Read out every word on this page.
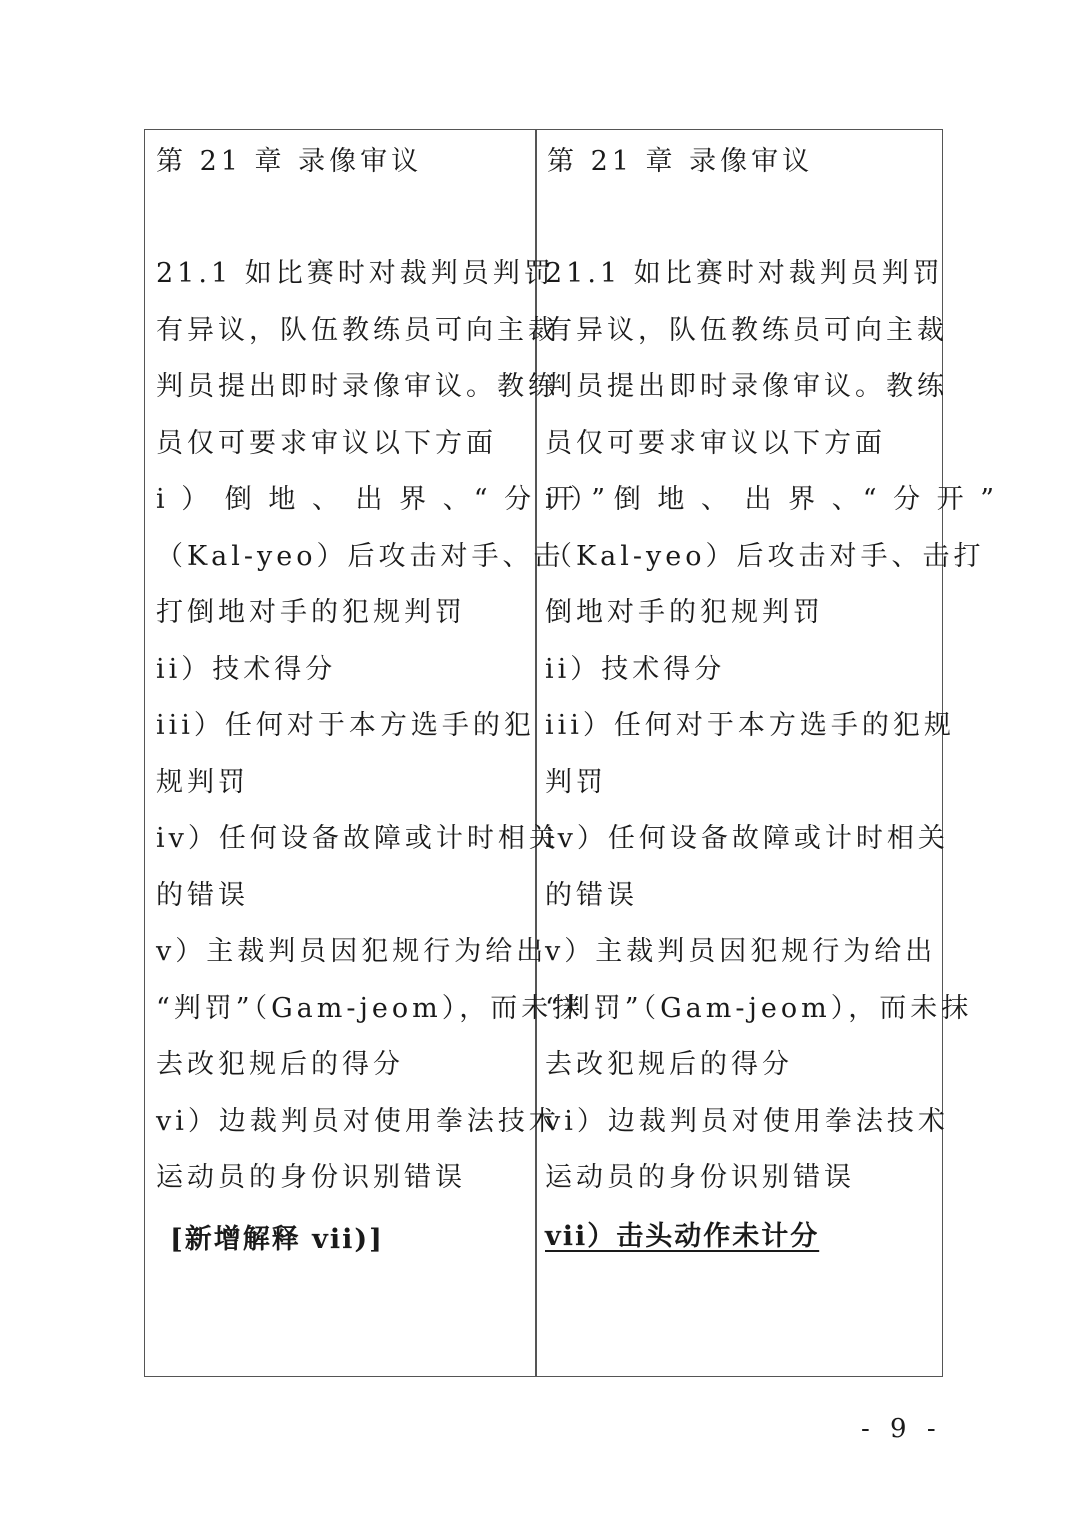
第 21 章 录像审议
21.1 如比赛时对裁判员判罚
有异议，队伍教练员可向主裁
判员提出即时录像审议。教练
员仅可要求审议以下方面
i ） 倒 地 、 出 界 、“ 分 开 ”
（Kal-yeo）后攻击对手、击
打倒地对手的犯规判罚
ii）技术得分
iii）任何对于本方选手的犯
规判罚
iv）任何设备故障或计时相关
的错误
v）主裁判员因犯规行为给出
“判罚”（Gam-jeom），而未抹
去改犯规后的得分
vi）边裁判员对使用拳法技术
运动员的身份识别错误
[新增解释 vii)]
第 21 章 录像审议
21.1 如比赛时对裁判员判罚
有异议，队伍教练员可向主裁
判员提出即时录像审议。教练
员仅可要求审议以下方面
i ） 倒 地 、 出 界 、“ 分 开 ”
（Kal-yeo）后攻击对手、击打
倒地对手的犯规判罚
ii）技术得分
iii）任何对于本方选手的犯规
判罚
iv）任何设备故障或计时相关
的错误
v）主裁判员因犯规行为给出
“判罚”（Gam-jeom），而未抹
去改犯规后的得分
vi）边裁判员对使用拳法技术
运动员的身份识别错误
vii）击头动作未计分
- 9 -
